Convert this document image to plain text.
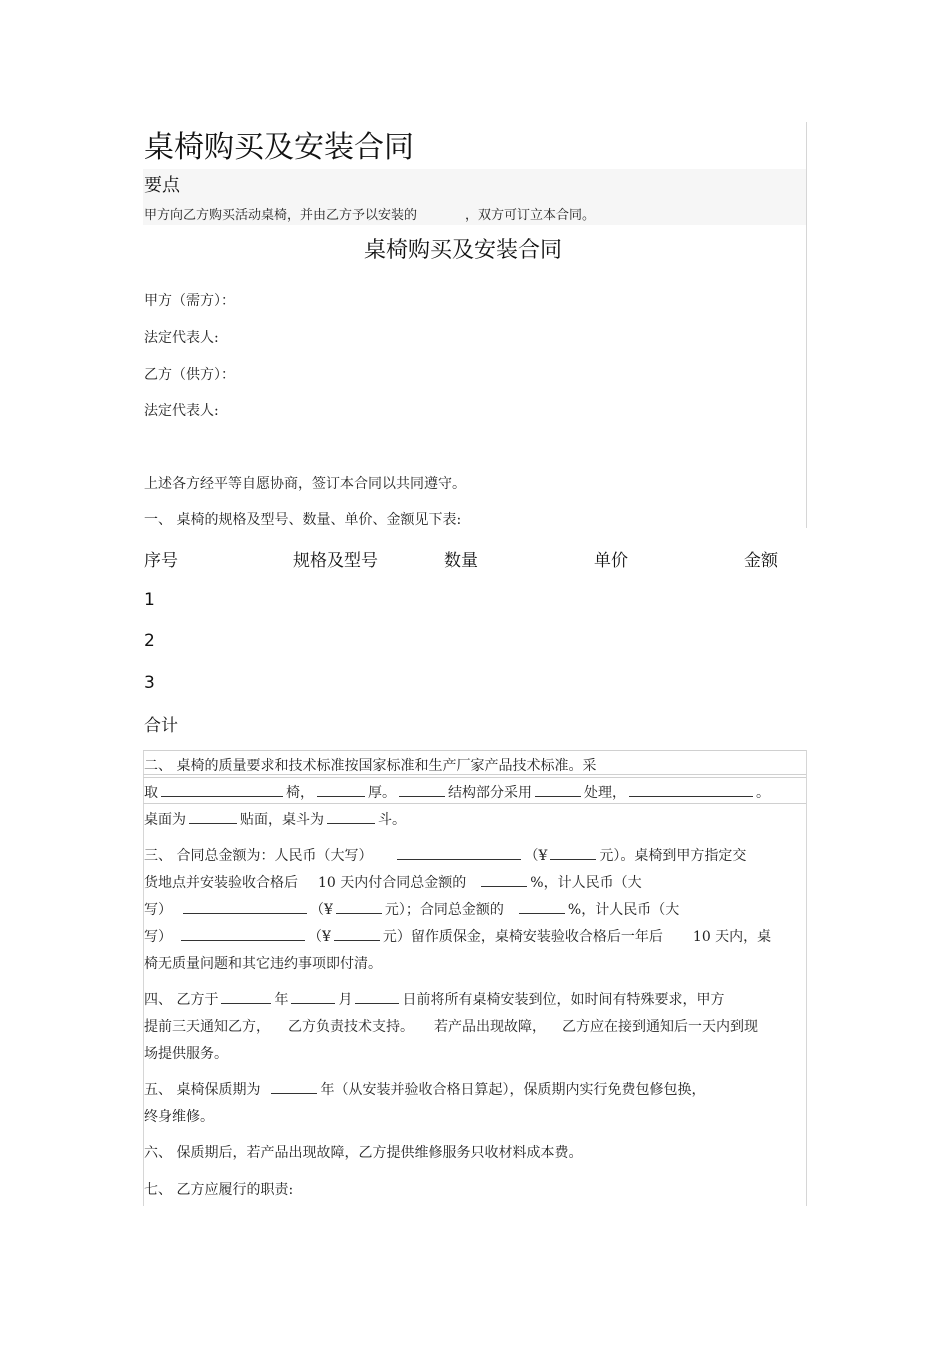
桌椅购买及安装合同
要点
甲方向乙方购买活动桌椅，并由乙方予以安装的	，双方可订立本合同。
桌椅购买及安装合同
甲方（需方）：
法定代表人:
乙方（供方）：
法定代表人:
上述各方经平等自愿协商，签订本合同以共同遵守。
一、 桌椅的规格及型号、数量、单价、金额见下表:
序号	规格及型号	数量	单价	金额
1
2
3
合计
二、 桌椅的质量要求和技术标准按国家标准和生产厂家产品技术标准。采
取	椅，	厚。	结构部分采用	处理，	。
桌面为	贴面，桌斗为	斗。
三、 合同总金额为：人民币（大写）	（¥	元）。桌椅到甲方指定交
货地点并安装验收合格后 10 天内付合同总金额的	%，计人民币（大
写）	（¥	元）；合同总金额的	%，计人民币（大
写）	（¥	元）留作质保金，桌椅安装验收合格后一年后 10 天内，桌
椅无质量问题和其它违约事项即付清。
四、 乙方于	年	月	日前将所有桌椅安装到位，如时间有特殊要求，甲方
提前三天通知乙方， 乙方负责技术支持。 若产品出现故障， 乙方应在接到通知后一天内到现
场提供服务。
五、 桌椅保质期为	年（从安装并验收合格日算起），保质期内实行免费包修包换，
终身维修。
六、 保质期后，若产品出现故障，乙方提供维修服务只收材料成本费。
七、 乙方应履行的职责:
